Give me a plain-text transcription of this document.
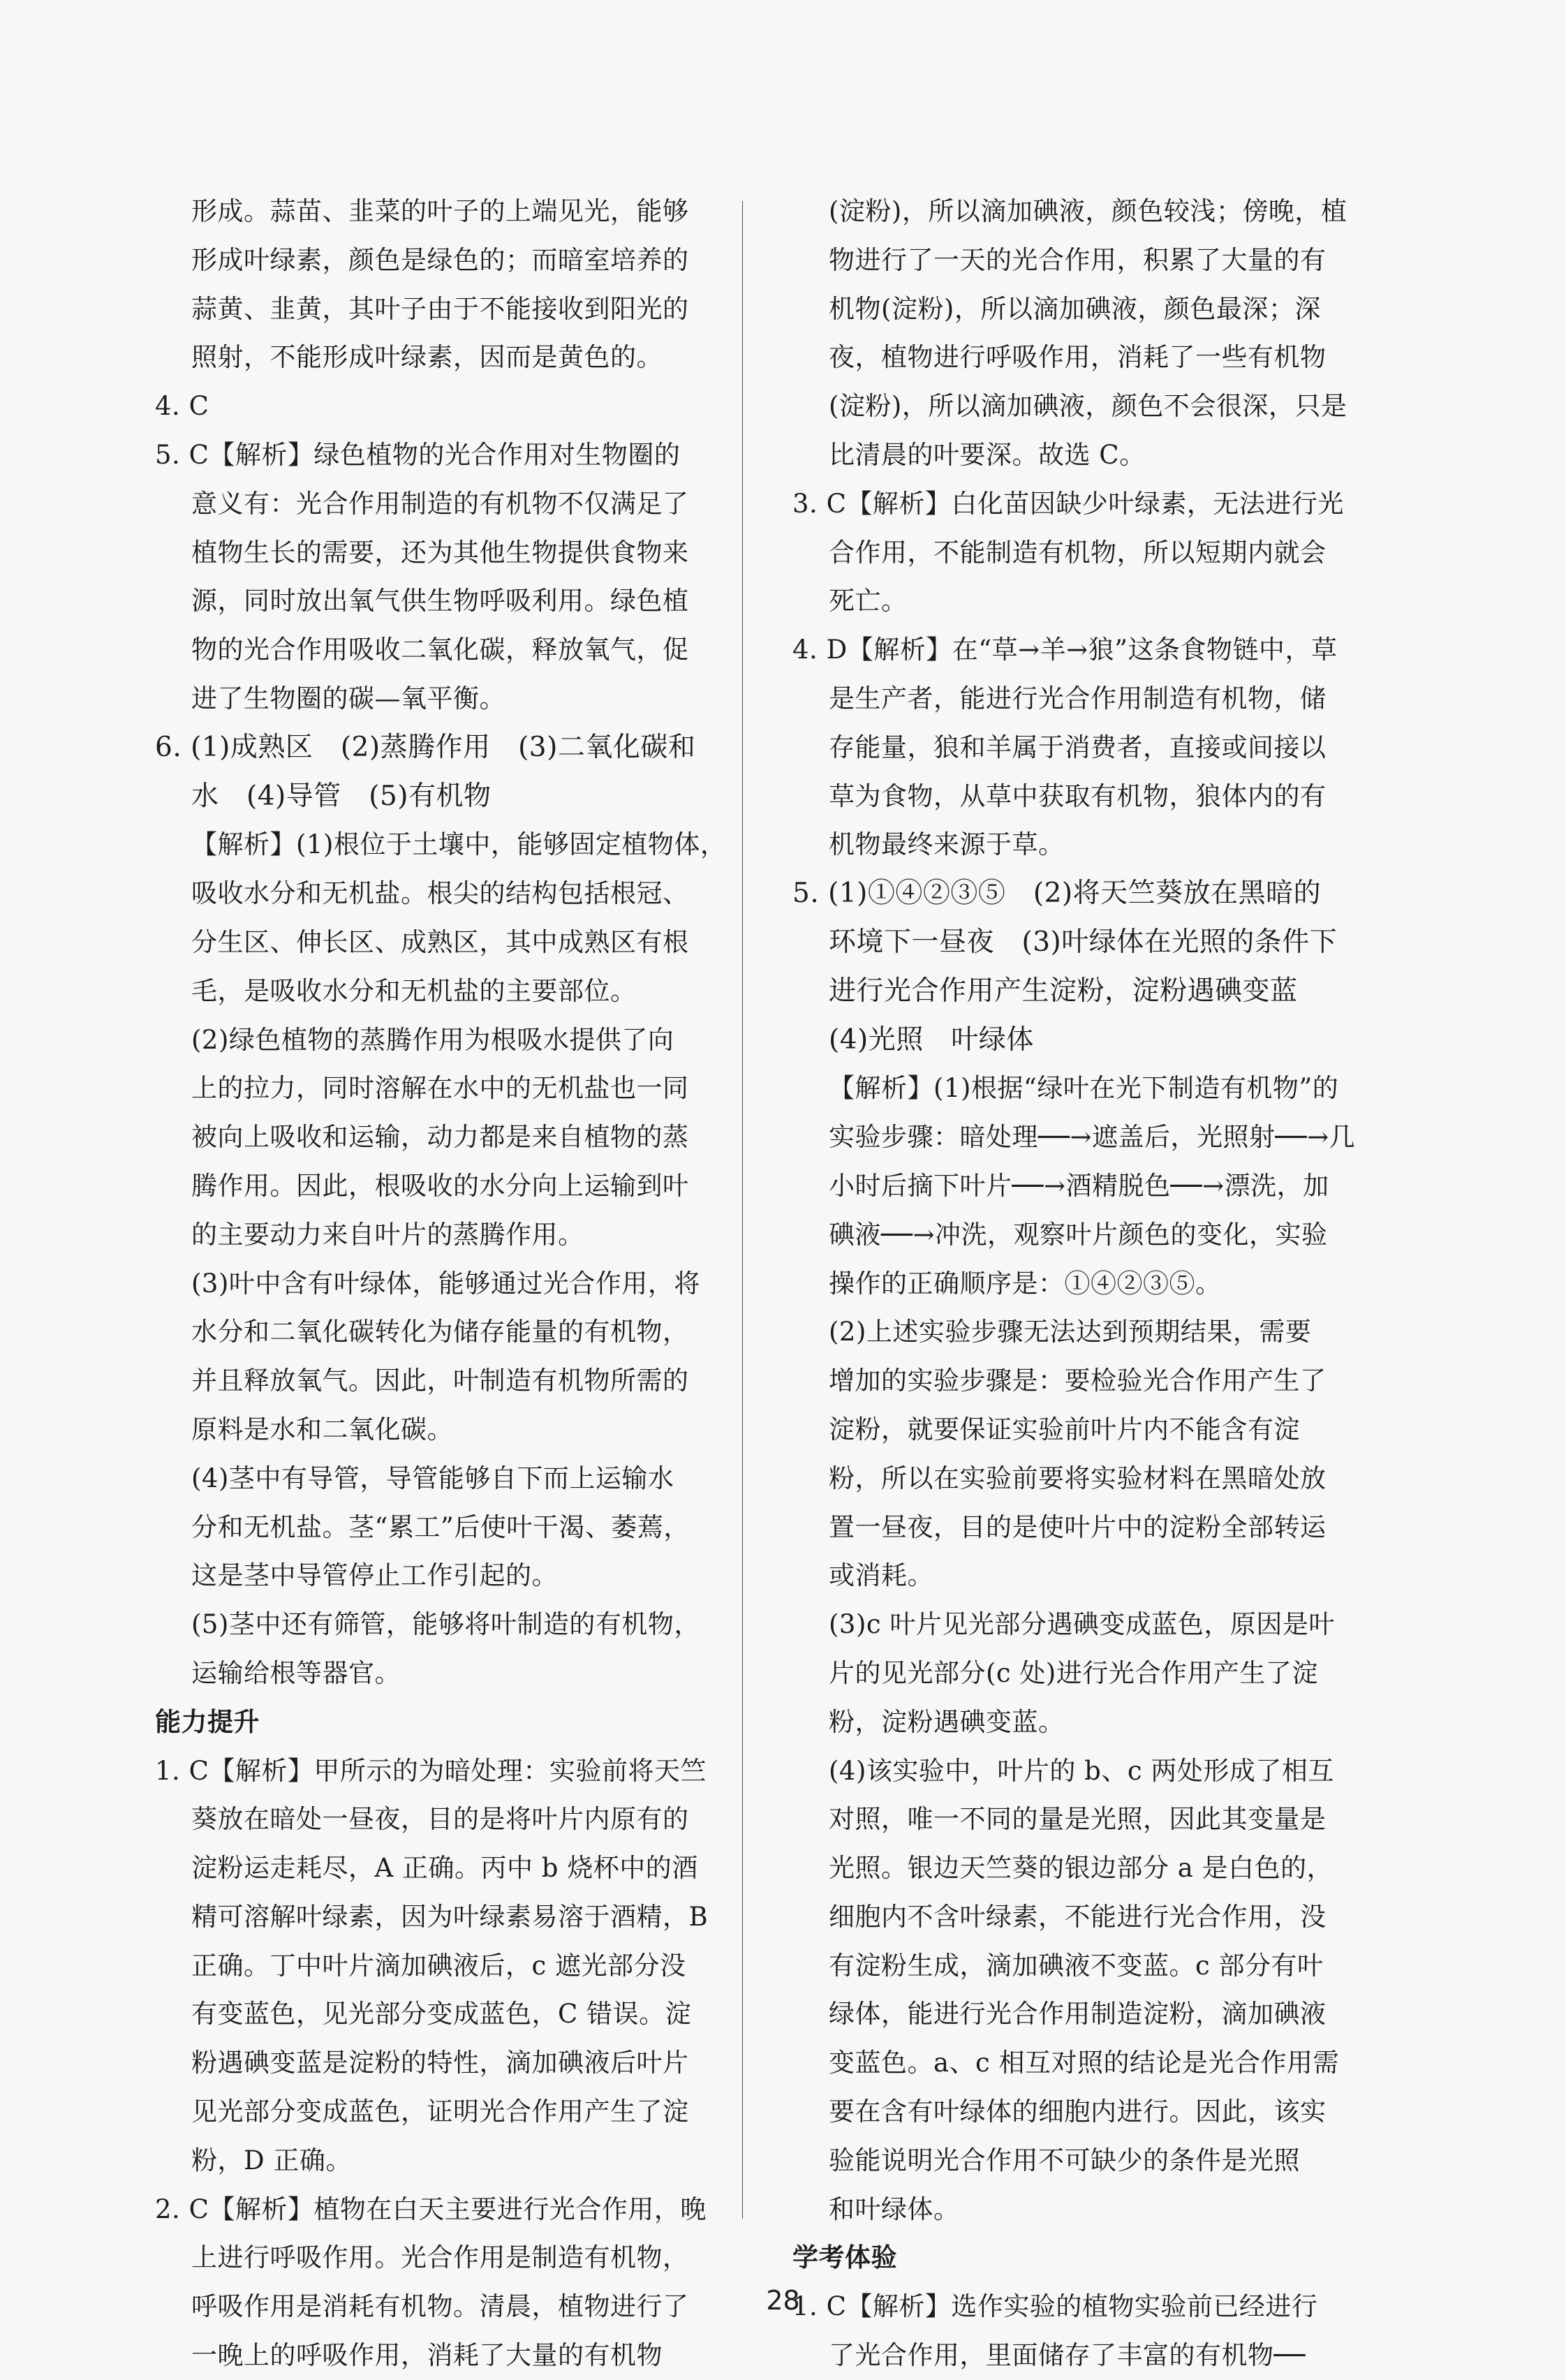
形成。蒜苗、韭菜的叶子的上端见光，能够
形成叶绿素，颜色是绿色的；而暗室培养的
蒜黄、韭黄，其叶子由于不能接收到阳光的
照射，不能形成叶绿素，因而是黄色的。
4. C
5. C【解析】绿色植物的光合作用对生物圈的
意义有：光合作用制造的有机物不仅满足了
植物生长的需要，还为其他生物提供食物来
源，同时放出氧气供生物呼吸利用。绿色植
物的光合作用吸收二氧化碳，释放氧气，促
进了生物圈的碳—氧平衡。
6. (1)成熟区　(2)蒸腾作用　(3)二氧化碳和
水　(4)导管　(5)有机物
【解析】(1)根位于土壤中，能够固定植物体，
吸收水分和无机盐。根尖的结构包括根冠、
分生区、伸长区、成熟区，其中成熟区有根
毛，是吸收水分和无机盐的主要部位。
(2)绿色植物的蒸腾作用为根吸水提供了向
上的拉力，同时溶解在水中的无机盐也一同
被向上吸收和运输，动力都是来自植物的蒸
腾作用。因此，根吸收的水分向上运输到叶
的主要动力来自叶片的蒸腾作用。
(3)叶中含有叶绿体，能够通过光合作用，将
水分和二氧化碳转化为储存能量的有机物，
并且释放氧气。因此，叶制造有机物所需的
原料是水和二氧化碳。
(4)茎中有导管，导管能够自下而上运输水
分和无机盐。茎“累工”后使叶干渴、萎蔫，
这是茎中导管停止工作引起的。
(5)茎中还有筛管，能够将叶制造的有机物，
运输给根等器官。
能力提升
1. C【解析】甲所示的为暗处理：实验前将天竺
葵放在暗处一昼夜，目的是将叶片内原有的
淀粉运走耗尽，A 正确。丙中 b 烧杯中的酒
精可溶解叶绿素，因为叶绿素易溶于酒精，B
正确。丁中叶片滴加碘液后，c 遮光部分没
有变蓝色，见光部分变成蓝色，C 错误。淀
粉遇碘变蓝是淀粉的特性，滴加碘液后叶片
见光部分变成蓝色，证明光合作用产生了淀
粉，D 正确。
2. C【解析】植物在白天主要进行光合作用，晚
上进行呼吸作用。光合作用是制造有机物，
呼吸作用是消耗有机物。清晨，植物进行了
一晚上的呼吸作用，消耗了大量的有机物
(淀粉)，所以滴加碘液，颜色较浅；傍晚，植
物进行了一天的光合作用，积累了大量的有
机物(淀粉)，所以滴加碘液，颜色最深；深
夜，植物进行呼吸作用，消耗了一些有机物
(淀粉)，所以滴加碘液，颜色不会很深，只是
比清晨的叶要深。故选 C。
3. C【解析】白化苗因缺少叶绿素，无法进行光
合作用，不能制造有机物，所以短期内就会
死亡。
4. D【解析】在“草→羊→狼”这条食物链中，草
是生产者，能进行光合作用制造有机物，储
存能量，狼和羊属于消费者，直接或间接以
草为食物，从草中获取有机物，狼体内的有
机物最终来源于草。
5. (1)①④②③⑤　(2)将天竺葵放在黑暗的
环境下一昼夜　(3)叶绿体在光照的条件下
进行光合作用产生淀粉，淀粉遇碘变蓝
(4)光照　叶绿体
【解析】(1)根据“绿叶在光下制造有机物”的
实验步骤：暗处理──→遮盖后，光照射──→几
小时后摘下叶片──→酒精脱色──→漂洗，加
碘液──→冲洗，观察叶片颜色的变化，实验
操作的正确顺序是：①④②③⑤。
(2)上述实验步骤无法达到预期结果，需要
增加的实验步骤是：要检验光合作用产生了
淀粉，就要保证实验前叶片内不能含有淀
粉，所以在实验前要将实验材料在黑暗处放
置一昼夜，目的是使叶片中的淀粉全部转运
或消耗。
(3)c 叶片见光部分遇碘变成蓝色，原因是叶
片的见光部分(c 处)进行光合作用产生了淀
粉，淀粉遇碘变蓝。
(4)该实验中，叶片的 b、c 两处形成了相互
对照，唯一不同的量是光照，因此其变量是
光照。银边天竺葵的银边部分 a 是白色的，
细胞内不含叶绿素，不能进行光合作用，没
有淀粉生成，滴加碘液不变蓝。c 部分有叶
绿体，能进行光合作用制造淀粉，滴加碘液
变蓝色。a、c 相互对照的结论是光合作用需
要在含有叶绿体的细胞内进行。因此，该实
验能说明光合作用不可缺少的条件是光照
和叶绿体。
学考体验
1. C【解析】选作实验的植物实验前已经进行
了光合作用，里面储存了丰富的有机物──
28
